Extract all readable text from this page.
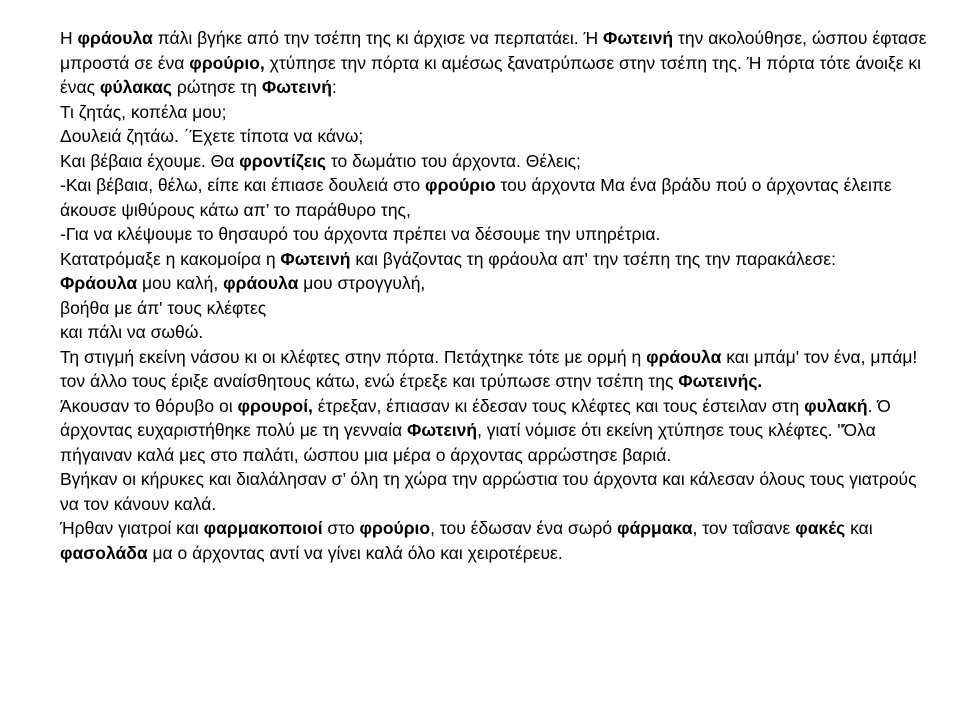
Η φράουλα πάλι βγήκε από την τσέπη της κι άρχισε να περπατάει. Ή Φωτεινή την ακολούθησε, ώσπου έφτασε μπροστά σε ένα φρούριο, χτύπησε την πόρτα κι αμέσως ξανατρύπωσε στην τσέπη της. Ή πόρτα τότε άνοιξε κι ένας φύλακας ρώτησε τη Φωτεινή:
Τι ζητάς, κοπέλα μου;
Δουλειά ζητάω. ΄Έχετε τίποτα να κάνω;
Και βέβαια έχουμε. Θα φροντίζεις το δωμάτιο του άρχοντα. Θέλεις;
-Και βέβαια, θέλω, είπε και έπιασε δουλειά στο φρούριο του άρχοντα Μα ένα βράδυ πού ο άρχοντας έλειπε άκουσε ψιθύρους κάτω απ’ το παράθυρο της,
-Για να κλέψουμε το θησαυρό του άρχοντα πρέπει να δέσουμε την υπηρέτρια.
Κατατρόμαξε η κακομοίρα η Φωτεινή και βγάζοντας τη φράουλα απ' την τσέπη της την παρακάλεσε:
Φράουλα μου καλή, φράουλα μου στρογγυλή,
βοήθα με άπ' τους κλέφτες
και πάλι να σωθώ.
Τη στιγμή εκείνη νάσου κι οι κλέφτες στην πόρτα. Πετάχτηκε τότε με ορμή η φράουλα και μπάμ' τον ένα, μπάμ! τον άλλο τους έριξε αναίσθητους κάτω, ενώ έτρεξε και τρύπωσε στην τσέπη της Φωτεινής.
Άκουσαν το θόρυβο οι φρουροί, έτρεξαν, έπιασαν κι έδεσαν τους κλέφτες και τους έστειλαν στη φυλακή. Ό άρχοντας ευχαριστήθηκε πολύ με τη γενναία Φωτεινή, γιατί νόμισε ότι εκείνη χτύπησε τους κλέφτες. "Όλα πήγαιναν καλά μες στο παλάτι, ώσπου μια μέρα ο άρχοντας αρρώστησε βαριά.
Βγήκαν οι κήρυκες και διαλάλησαν σ’ όλη τη χώρα την αρρώστια του άρχοντα και κάλεσαν όλους τους γιατρούς να τον κάνουν καλά.
Ήρθαν γιατροί και φαρμακοποιοί στο φρούριο, του έδωσαν ένα σωρό φάρμακα, τον ταΐσανε φακές και φασολάδα μα ο άρχοντας αντί να γίνει καλά όλο και χειροτέρευε.
